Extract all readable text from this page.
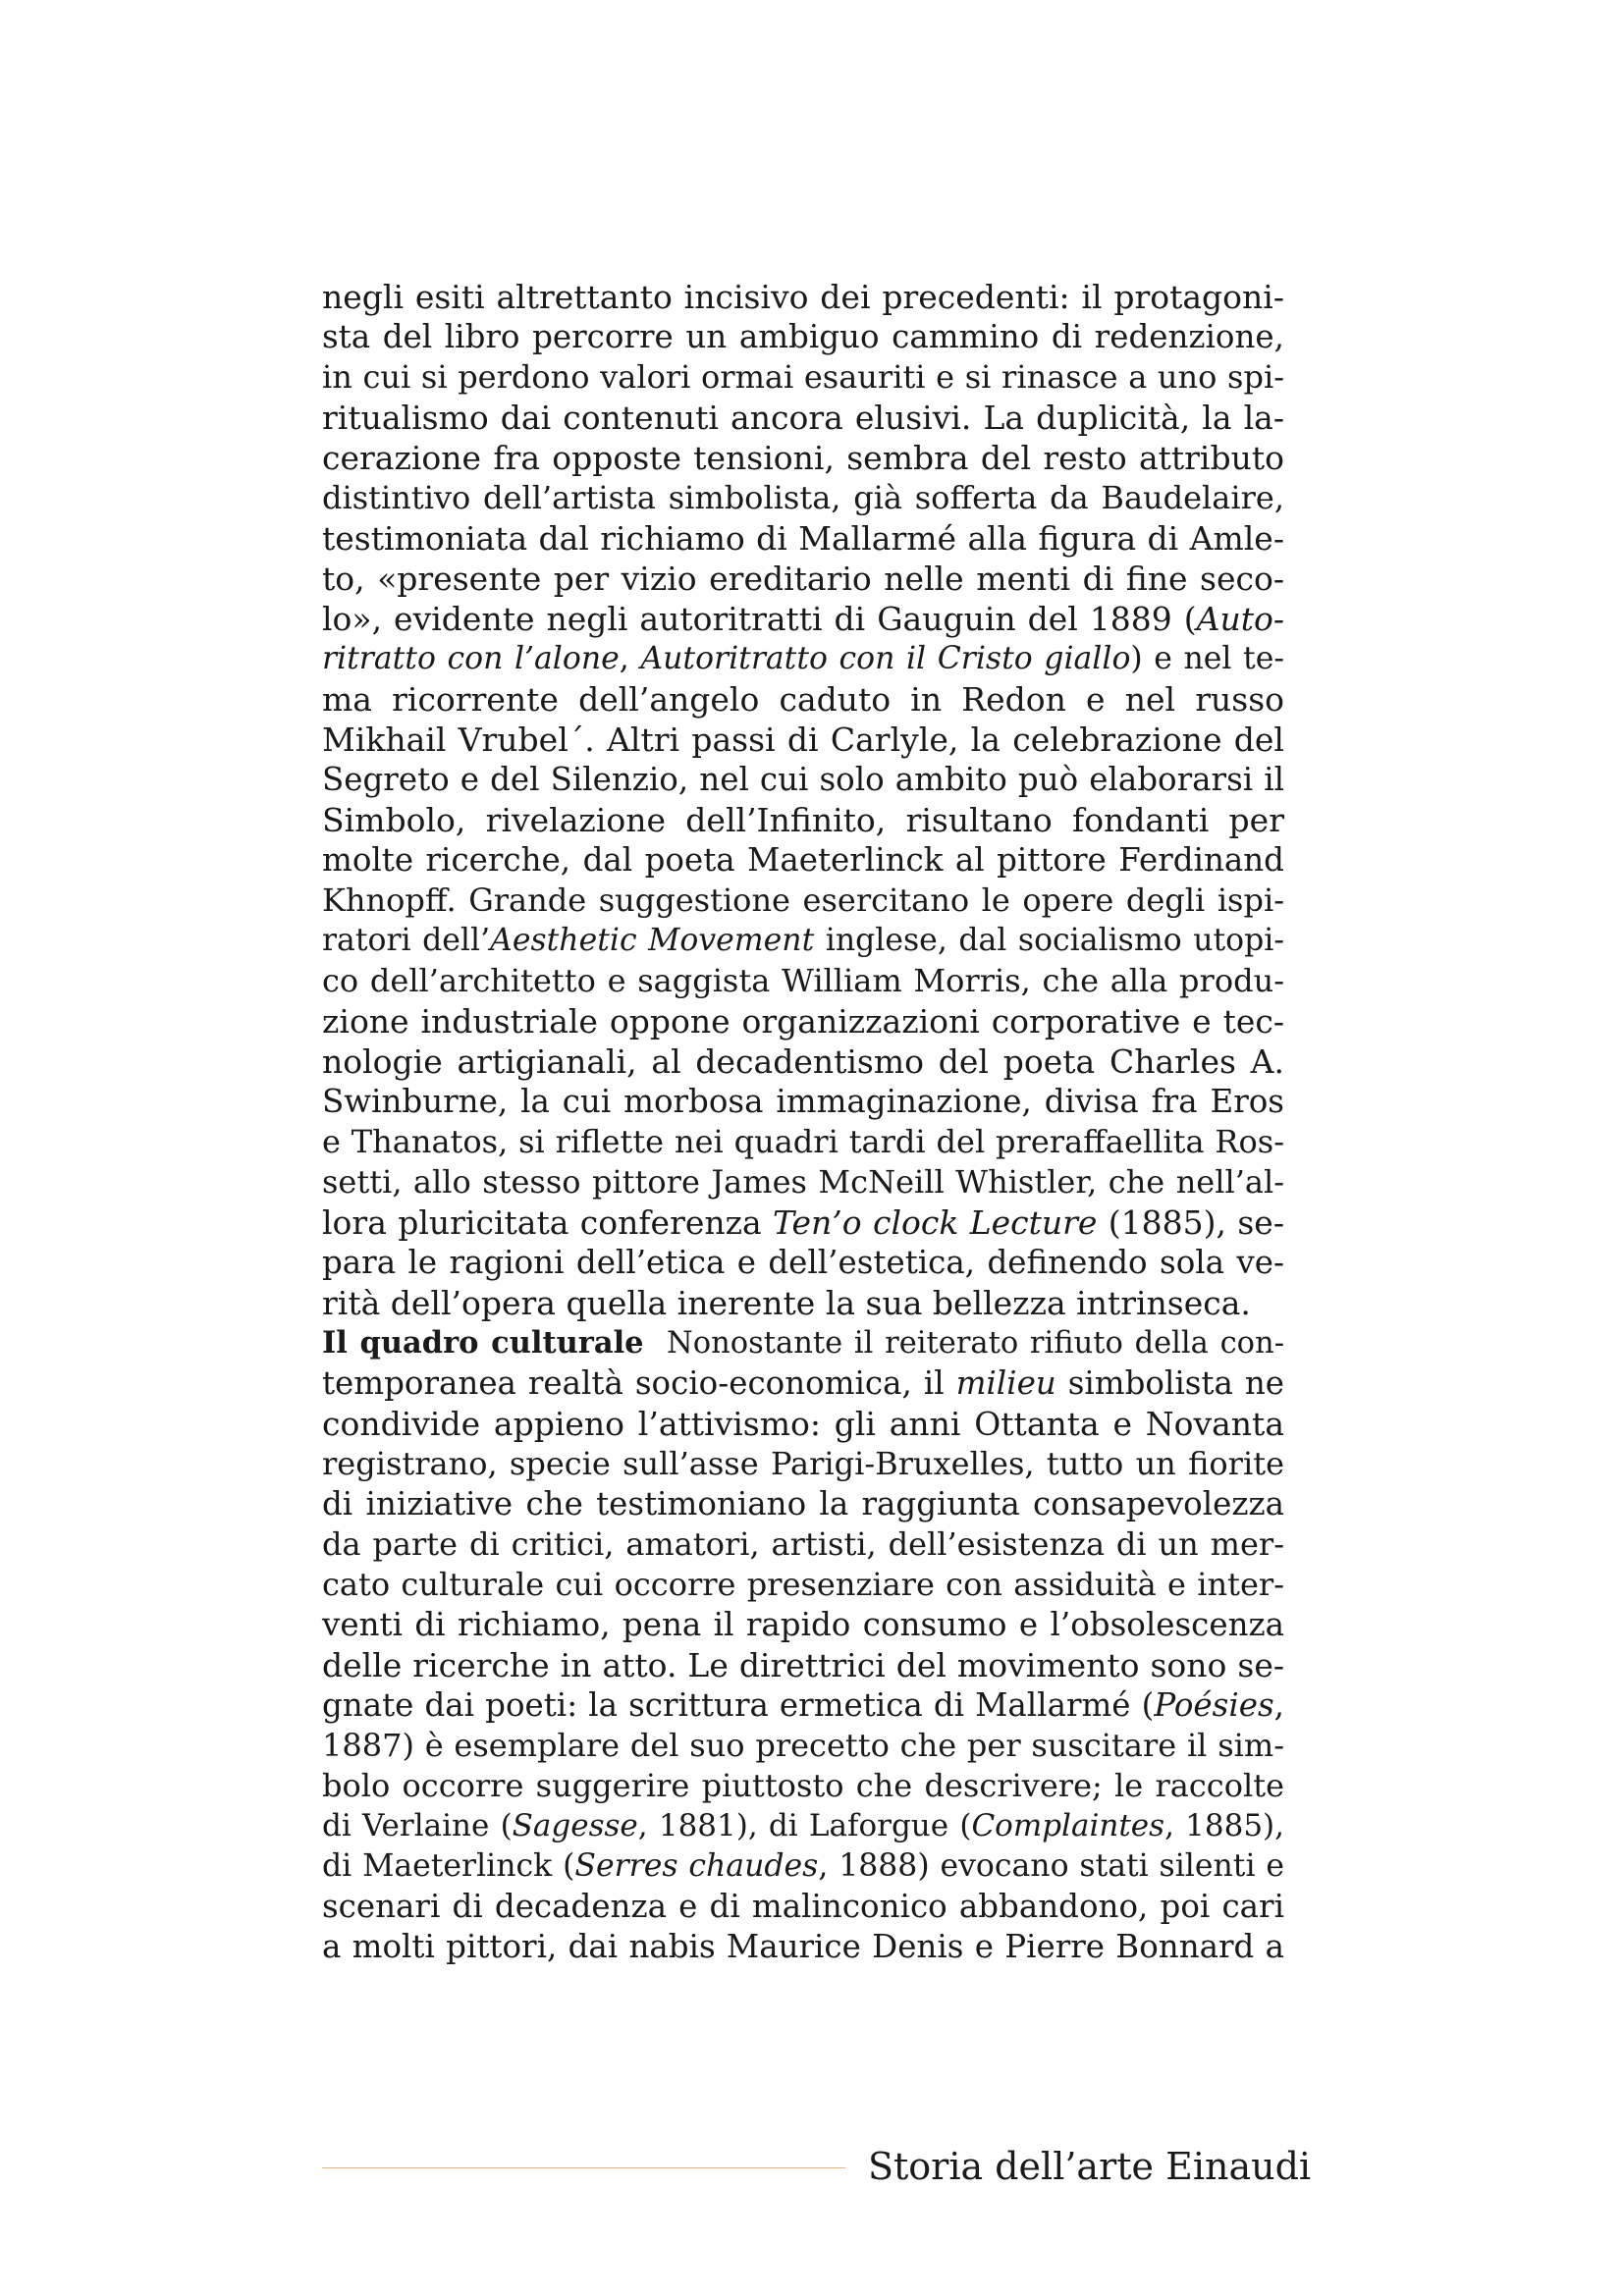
negli esiti altrettanto incisivo dei precedenti: il protagoni-
sta del libro percorre un ambiguo cammino di redenzione,
in cui si perdono valori ormai esauriti e si rinasce a uno spi-
ritualismo dai contenuti ancora elusivi. La duplicità, la la-
cerazione fra opposte tensioni, sembra del resto attributo
distintivo dell’artista simbolista, già sofferta da Baudelaire,
testimoniata dal richiamo di Mallarmé alla figura di Amle-
to, «presente per vizio ereditario nelle menti di fine seco-
lo», evidente negli autoritratti di Gauguin del 1889 (Auto-
ritratto con l’alone, Autoritratto con il Cristo giallo) e nel te-
ma ricorrente dell’angelo caduto in Redon e nel russo
Mikhail Vrubel´. Altri passi di Carlyle, la celebrazione del
Segreto e del Silenzio, nel cui solo ambito può elaborarsi il
Simbolo, rivelazione dell’Infinito, risultano fondanti per
molte ricerche, dal poeta Maeterlinck al pittore Ferdinand
Khnopff. Grande suggestione esercitano le opere degli ispi-
ratori dell’Aesthetic Movement inglese, dal socialismo utopi-
co dell’architetto e saggista William Morris, che alla produ-
zione industriale oppone organizzazioni corporative e tec-
nologie artigianali, al decadentismo del poeta Charles A.
Swinburne, la cui morbosa immaginazione, divisa fra Eros
e Thanatos, si riflette nei quadri tardi del preraffaellita Ros-
setti, allo stesso pittore James McNeill Whistler, che nell’al-
lora pluricitata conferenza Ten’o clock Lecture (1885), se-
para le ragioni dell’etica e dell’estetica, definendo sola ve-
rità dell’opera quella inerente la sua bellezza intrinseca.
Il quadro culturale  Nonostante il reiterato rifiuto della con-
temporanea realtà socio-economica, il milieu simbolista ne
condivide appieno l’attivismo: gli anni Ottanta e Novanta
registrano, specie sull’asse Parigi-Bruxelles, tutto un fiorite
di iniziative che testimoniano la raggiunta consapevolezza
da parte di critici, amatori, artisti, dell’esistenza di un mer-
cato culturale cui occorre presenziare con assiduità e inter-
venti di richiamo, pena il rapido consumo e l’obsolescenza
delle ricerche in atto. Le direttrici del movimento sono se-
gnate dai poeti: la scrittura ermetica di Mallarmé (Poésies,
1887) è esemplare del suo precetto che per suscitare il sim-
bolo occorre suggerire piuttosto che descrivere; le raccolte
di Verlaine (Sagesse, 1881), di Laforgue (Complaintes, 1885),
di Maeterlinck (Serres chaudes, 1888) evocano stati silenti e
scenari di decadenza e di malinconico abbandono, poi cari
a molti pittori, dai nabis Maurice Denis e Pierre Bonnard a
Storia dell’arte Einaudi
